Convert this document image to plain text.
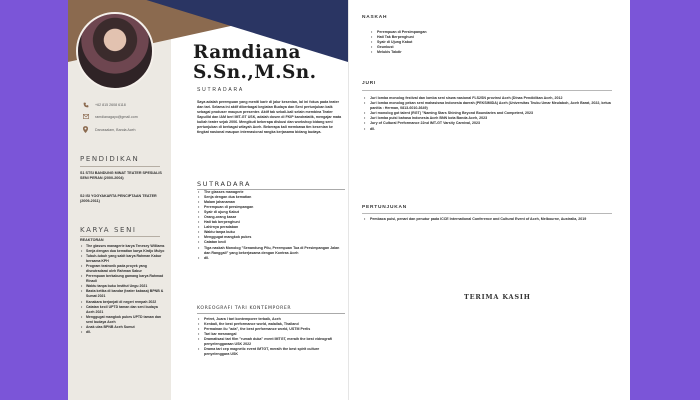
+62 815 2608 6118
ramdianagayo@gmail.com
Darussalam, Banda Aceh
PENDIDIKAN
S1 STSI BANDUNG MINAT TEATER SPESIALIS SENI PERAN (2000-2004)
S2 ISI YOGYAKARTA PENCIPTAAN TEATER (2009-2011)
KARYA SENI
REAKTORAN
• The glasses managerie karya Tenesey Williams
• Senja dengan dua kematian karya Kirdjo Mulyo
• Tubuh-tubuh yang sakit karya Rahman Kabur bersama KPH
• Program teatronik pada proyek yang diseutradarai oleh Rahman Sabur
• Perempuan berkabung gamang karya Rahmad Rinadi
• Waktu tanpa buku Institut Ungu 2021
• Basta ketika di bandar (teater kabasa) BPNB & Sumat 2021
• Kanakara berjanjati di negeri rempah 2022
• Catatan kecil UPTD taman dan seni budaya Aceh 2021
• Menggugat mangkok pukes UPTD taman dan seni budaya Aceh
• Anak ulas BPNB Aceh Sumut
• dll.
Ramdiana
S.Sn.,M.Sn.
SUTRADARA
Saya adalah perempuan yang meniti karir di jalur kesenian, lal ini fokus pada teater dan tari. Selama ini aktif diberbagai kegiatan Budaya dan Seni pertunjukan baik sebagai produser maupun presenter. Aktif tak sekali-kali selain membina Teater Sapullid dan IAM beri IMT-GT USK, adalah dosen di FKIP kandratatik, mengajar mata kuliah teater sejak 2006. Mengikuti beberapa diskusi dan workshop bidang seni pertunjukan di berbagai wilayah Aceh. Beberapa kali membawa tim kesenian ke tingkat nasional maupun internasional rangka kerjasama bidang budaya.
SUTRADARA
• The glasses managerie
• Senja dengan dua kematian
• Malam jahanaman
• Perempuan di persimpangan
• Syair di ujung Kabut
• Orang-orang kasar
• Hati tak berpenghuni
• Lahirnya peradaban
• Waktu tanpa buku
• Menggugat mangkok pukes
• Catatan kecil
• Tiga naskah Monolog "Senandung Pilu, Perempuan Tua di Persimpangan Jalan dan Ranggali" yang bekerjasama dengan Kontras Aceh
• dll.
KOREOGRAFI TARI KONTEMPORER
• Petret, Juara I tari kontemporer terbaik, Aceh
• Kenbali, the best performance world, walailak, Thailand
• Permainan ilu "ada", the best performance world, USTM Perlis
• Tari kar mesnangal
• Dramatisasi tari film "rumah duka" event IMTGT, meraih the best videografi penyelenggaraan USK 2022
• Drama tari cep magnetic event IMTGT, meraih the best spirit culture penyelenggara USK
NASKAH
• Perempuan di Persimpangan
• Hati Tak Berpenghuni
• Syair di Ujung Kabut
• Geunkust
• Melukis Takdir
JURI
• Juri lomba monolog festival dan lomba seni siswa nasional FLS2SN provinsi Aceh (Dinas Pendidikan Aceh, 2012
• Juri lomba monolog pekan seni mahasiswa Indonesia daerah (PEKSIMIDA) Aceh (Universitas Teuku Umar Meulaboh, Aceh Barat, 2022, ketua panitia : Herman, 0813-6010-3649)
• Juri monolog got talent (RGT) "Naming Stars Shining Beyond Boundaries and Competent, 2023
• Juri lomba puisi bahasa Indonesia Aceh BNN kota Banda Aceh, 2023
• Jury of Cultural Performance 22nd IMT-GT Varsity Carnival, 2023
• dll.
PERTUNJUKAN
• Pembaca puisi, penari dan penutur pada ICCE International Conference and Cultural Event of Aceh, Melbourne, Australia, 2019
TERIMA KASIH
